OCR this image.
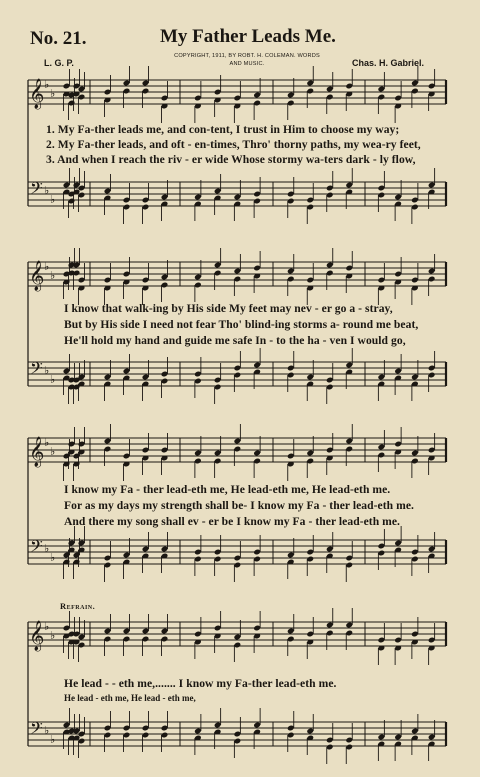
No. 21.	My Father Leads Me.
COPYRIGHT, 1911, BY ROBT. H. COLEMAN. WORDS AND MUSIC.
L. G. P.	Chas. H. Gabriel.
𝄞
𝄢
♭
♭
♭
♭
𝄞
𝄢
♭
♭
♭
♭
𝄞
𝄢
♭
♭
♭
♭
𝄞
𝄢
♭
♭
♭
♭
1. My Fa-ther leads me, and con-tent, I trust in Him to choose my way;
2. My Fa-ther leads, and oft - en-times, Thro' thorny paths, my wea-ry feet,
3. And when I reach the riv - er wide Whose stormy wa-ters dark - ly flow,
I know that walk-ing by His side My feet may nev - er go a - stray,
But by His side I need not fear Tho' blind-ing storms a- round me beat,
He'll hold my hand and guide me safe In - to the ha - ven I would go,
I know my Fa - ther lead-eth me, He lead-eth me, He lead-eth me.
For as my days my strength shall be- I know my Fa - ther lead-eth me.
And there my song shall ev - er be I know my Fa - ther lead-eth me.
Refrain.
He lead - - eth me,....... I know my Fa-ther lead-eth me.
He lead - eth me, He lead - eth me,
